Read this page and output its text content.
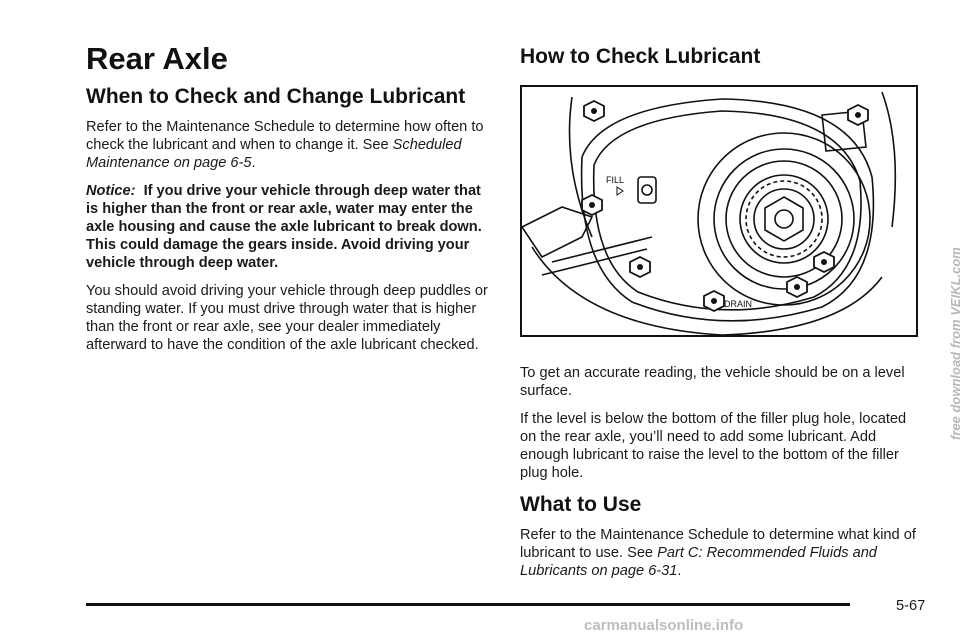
Rear Axle
When to Check and Change Lubricant

Refer to the Maintenance Schedule to determine how often to check the lubricant and when to change it. See Scheduled Maintenance on page 6-5.

Notice: If you drive your vehicle through deep water that is higher than the front or rear axle, water may enter the axle housing and cause the axle lubricant to break down. This could damage the gears inside. Avoid driving your vehicle through deep water.

You should avoid driving your vehicle through deep puddles or standing water. If you must drive through water that is higher than the front or rear axle, see your dealer immediately afterward to have the condition of the axle lubricant checked.

How to Check Lubricant
FILL
DRAIN

To get an accurate reading, the vehicle should be on a level surface.

If the level is below the bottom of the filler plug hole, located on the rear axle, you’ll need to add some lubricant. Add enough lubricant to raise the level to the bottom of the filler plug hole.

What to Use

Refer to the Maintenance Schedule to determine what kind of lubricant to use. See Part C: Recommended Fluids and Lubricants on page 6-31.

5-67
free download from VEIKL.com
carmanualsonline.info
